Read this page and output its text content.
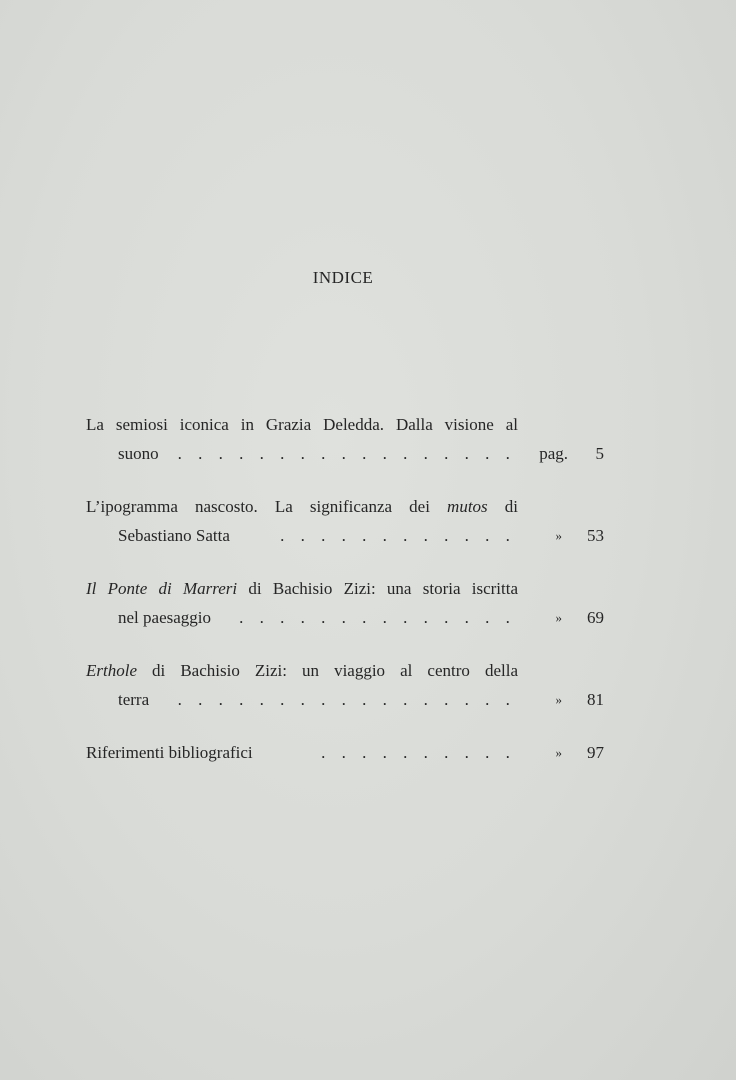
INDICE
La semiosi iconica in Grazia Deledda. Dalla visione al
suono	. . . . . . . . . . . . . . . . .	pag. 5
L’ipogramma nascosto. La significanza dei mutos di
Sebastiano Satta	. . . . . . . . . . . .	» 53
Il Ponte di Marreri di Bachisio Zizi: una storia iscritta
nel paesaggio	. . . . . . . . . . . . . .	» 69
Erthole di Bachisio Zizi: un viaggio al centro della
terra	. . . . . . . . . . . . . . . . .	» 81
Riferimenti bibliografici	. . . . . . . . . .	» 97
